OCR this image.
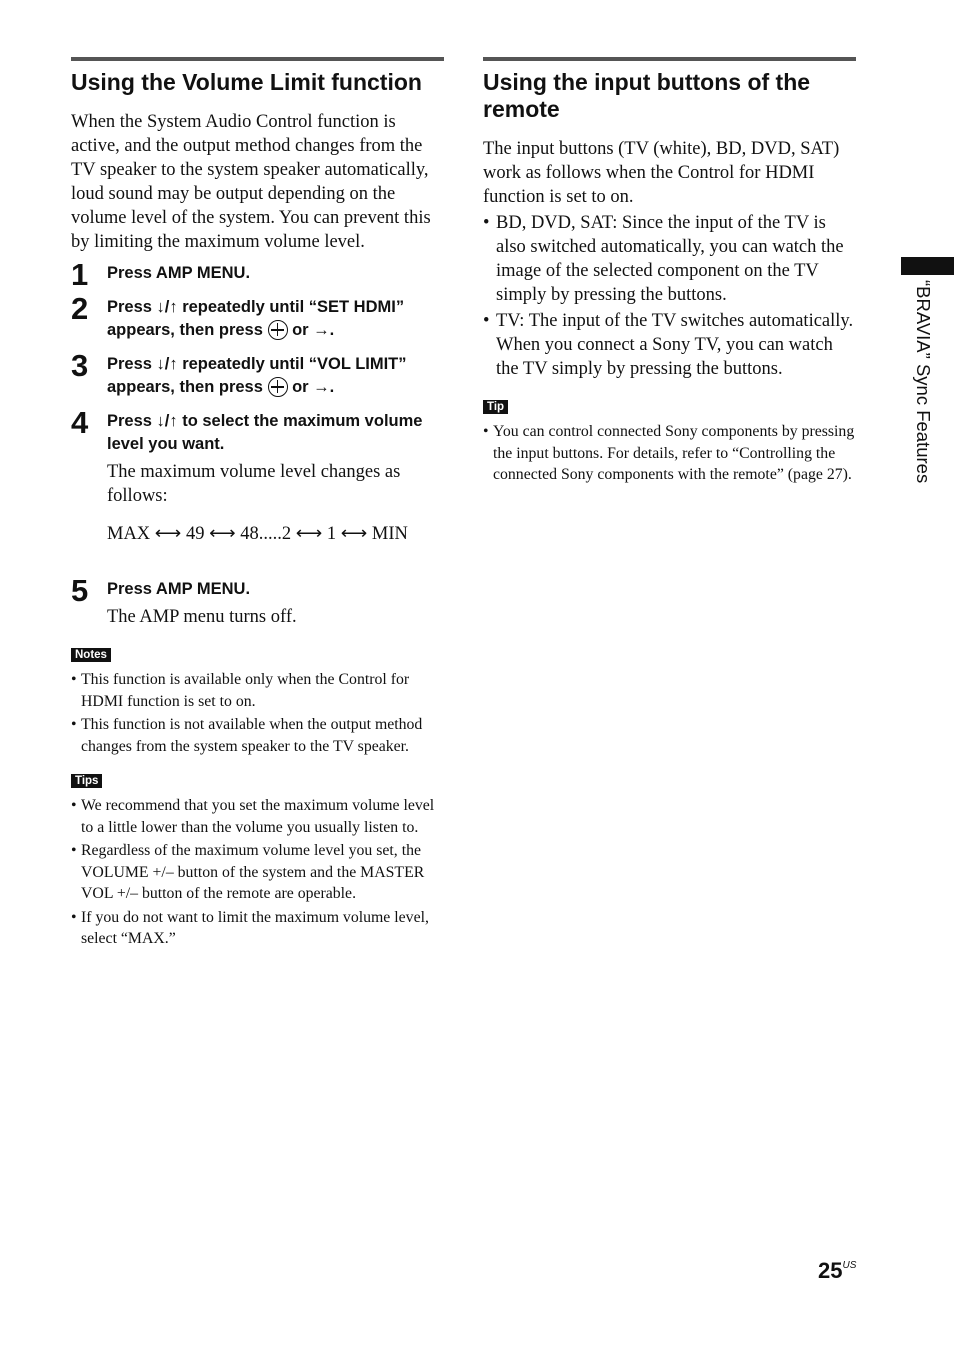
Using the Volume Limit function

When the System Audio Control function is active, and the output method changes from the TV speaker to the system speaker automatically, loud sound may be output depending on the volume level of the system. You can prevent this by limiting the maximum volume level.

1 Press AMP MENU.
2 Press ↓/↑ repeatedly until “SET HDMI” appears, then press or →.
3 Press ↓/↑ repeatedly until “VOL LIMIT” appears, then press or →.
4 Press ↓/↑ to select the maximum volume level you want.
The maximum volume level changes as follows:
MAX ⟷ 49 ⟷ 48.....2 ⟷ 1 ⟷ MIN
5 Press AMP MENU.
The AMP menu turns off.
Notes
• This function is available only when the Control for HDMI function is set to on.
• This function is not available when the output method changes from the system speaker to the TV speaker.
Tips
• We recommend that you set the maximum volume level to a little lower than the volume you usually listen to.
• Regardless of the maximum volume level you set, the VOLUME +/– button of the system and the MASTER VOL +/– button of the remote are operable.
• If you do not want to limit the maximum volume level, select “MAX.”
Using the input buttons of the remote

The input buttons (TV (white), BD, DVD, SAT) work as follows when the Control for HDMI function is set to on.

• BD, DVD, SAT: Since the input of the TV is also switched automatically, you can watch the image of the selected component on the TV simply by pressing the buttons.
• TV: The input of the TV switches automatically. When you connect a Sony TV, you can watch the TV simply by pressing the buttons.
Tip
• You can control connected Sony components by pressing the input buttons. For details, refer to “Controlling the connected Sony components with the remote” (page 27).	“BRAVIA” Sync Features
$25^{US}$
